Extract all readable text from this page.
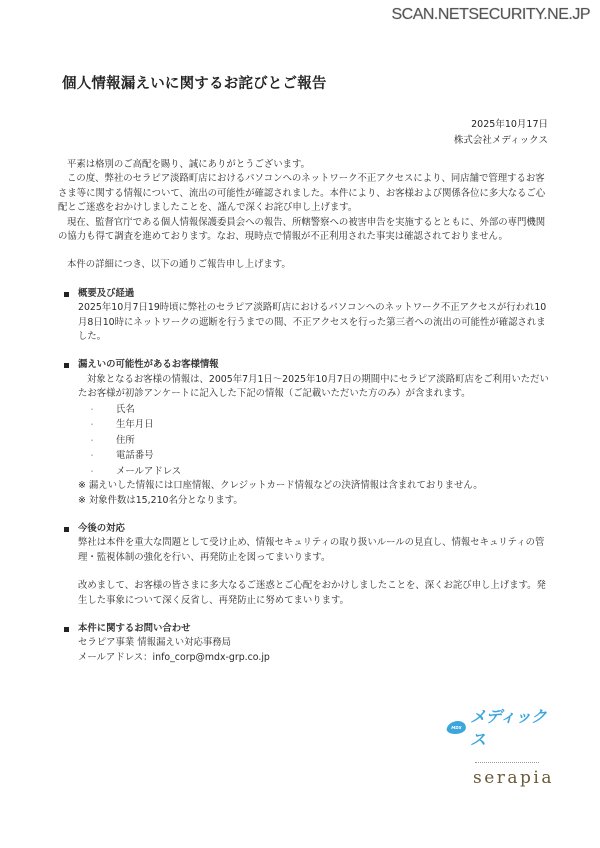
SCAN.NETSECURITY.NE.JP
個人情報漏えいに関するお詫びとご報告
2025年10月17日
株式会社メディックス

平素は格別のご高配を賜り、誠にありがとうございます。

この度、弊社のセラピア淡路町店におけるパソコンへのネットワーク不正アクセスにより、同店舗で管理するお客さま等に関する情報について、流出の可能性が確認されました。本件により、お客様および関係各位に多大なるご心配とご迷惑をおかけしましたことを、謹んで深くお詫び申し上げます。

現在、監督官庁である個人情報保護委員会への報告、所轄警察への被害申告を実施するとともに、外部の専門機関の協力も得て調査を進めております。なお、現時点で情報が不正利用された事実は確認されておりません。

本件の詳細につき、以下の通りご報告申し上げます。

概要及び経過
2025年10月7日19時頃に弊社のセラピア淡路町店におけるパソコンへのネットワーク不正アクセスが行われ10月8日10時にネットワークの遮断を行うまでの間、不正アクセスを行った第三者への流出の可能性が確認されました。
漏えいの可能性があるお客様情報
対象となるお客様の情報は、2005年7月1日～2025年10月7日の期間中にセラピア淡路町店をご利用いただいたお客様が初診アンケートに記入した下記の情報（ご記載いただいた方のみ）が含まれます。
・ 氏名
・ 生年月日
・ 住所
・ 電話番号
・ メールアドレス
※ 漏えいした情報には口座情報、クレジットカード情報などの決済情報は含まれておりません。
※ 対象件数は15,210名分となります。
今後の対応
弊社は本件を重大な問題として受け止め、情報セキュリティの取り扱いルールの見直し、情報セキュリティの管理・監視体制の強化を行い、再発防止を図ってまいります。
改めまして、お客様の皆さまに多大なるご迷惑とご心配をおかけしましたことを、深くお詫び申し上げます。発生した事象について深く反省し、再発防止に努めてまいります。
本件に関するお問い合わせ
セラピア事業 情報漏えい対応事務局
メールアドレス：info_corp@mdx-grp.co.jp
MDX
メディックス
serapia
